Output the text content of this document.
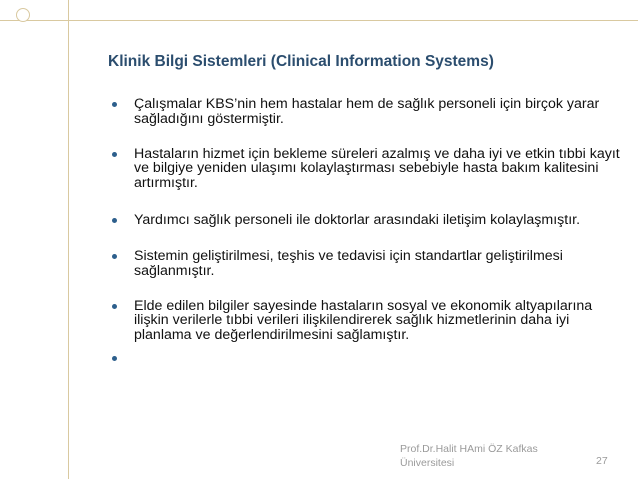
Klinik Bilgi Sistemleri (Clinical Information Systems)
Çalışmalar KBS’nin hem hastalar hem de sağlık personeli için birçok yarar sağladığını göstermiştir.
Hastaların hizmet için bekleme süreleri azalmış ve daha iyi ve etkin tıbbi kayıt ve bilgiye yeniden ulaşımı kolaylaştırması sebebiyle hasta bakım kalitesini artırmıştır.
Yardımcı sağlık personeli ile doktorlar arasındaki iletişim kolaylaşmıştır.
Sistemin geliştirilmesi, teşhis ve tedavisi için standartlar geliştirilmesi sağlanmıştır.
Elde edilen bilgiler sayesinde hastaların sosyal ve ekonomik altyapılarına ilişkin verilerle tıbbi verileri ilişkilendirerek sağlık hizmetlerinin daha iyi planlama ve değerlendirilmesini sağlamıştır.
Prof.Dr.Halit HAmi ÖZ Kafkas Üniversitesi	27
